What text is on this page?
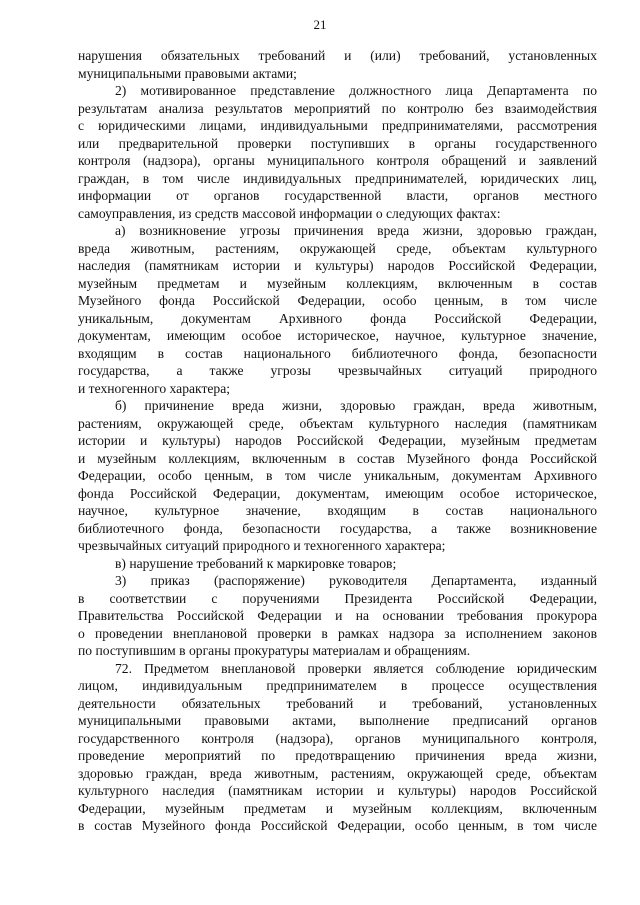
21
нарушения обязательных требований и (или) требований, установленных
муниципальными правовыми актами;
2) мотивированное представление должностного лица Департамента по
результатам анализа результатов мероприятий по контролю без взаимодействия
с юридическими лицами, индивидуальными предпринимателями, рассмотрения
или предварительной проверки поступивших в органы государственного
контроля (надзора), органы муниципального контроля обращений и заявлений
граждан, в том числе индивидуальных предпринимателей, юридических лиц,
информации от органов государственной власти, органов местного
самоуправления, из средств массовой информации о следующих фактах:
а) возникновение угрозы причинения вреда жизни, здоровью граждан,
вреда животным, растениям, окружающей среде, объектам культурного
наследия (памятникам истории и культуры) народов Российской Федерации,
музейным предметам и музейным коллекциям, включенным в состав
Музейного фонда Российской Федерации, особо ценным, в том числе
уникальным, документам Архивного фонда Российской Федерации,
документам, имеющим особое историческое, научное, культурное значение,
входящим в состав национального библиотечного фонда, безопасности
государства, а также угрозы чрезвычайных ситуаций природного
и техногенного характера;
б) причинение вреда жизни, здоровью граждан, вреда животным,
растениям, окружающей среде, объектам культурного наследия (памятникам
истории и культуры) народов Российской Федерации, музейным предметам
и музейным коллекциям, включенным в состав Музейного фонда Российской
Федерации, особо ценным, в том числе уникальным, документам Архивного
фонда Российской Федерации, документам, имеющим особое историческое,
научное, культурное значение, входящим в состав национального
библиотечного фонда, безопасности государства, а также возникновение
чрезвычайных ситуаций природного и техногенного характера;
в) нарушение требований к маркировке товаров;
3) приказ (распоряжение) руководителя Департамента, изданный
в соответствии с поручениями Президента Российской Федерации,
Правительства Российской Федерации и на основании требования прокурора
о проведении внеплановой проверки в рамках надзора за исполнением законов
по поступившим в органы прокуратуры материалам и обращениям.
72. Предметом внеплановой проверки является соблюдение юридическим
лицом, индивидуальным предпринимателем в процессе осуществления
деятельности обязательных требований и требований, установленных
муниципальными правовыми актами, выполнение предписаний органов
государственного контроля (надзора), органов муниципального контроля,
проведение мероприятий по предотвращению причинения вреда жизни,
здоровью граждан, вреда животным, растениям, окружающей среде, объектам
культурного наследия (памятникам истории и культуры) народов Российской
Федерации, музейным предметам и музейным коллекциям, включенным
в состав Музейного фонда Российской Федерации, особо ценным, в том числе
